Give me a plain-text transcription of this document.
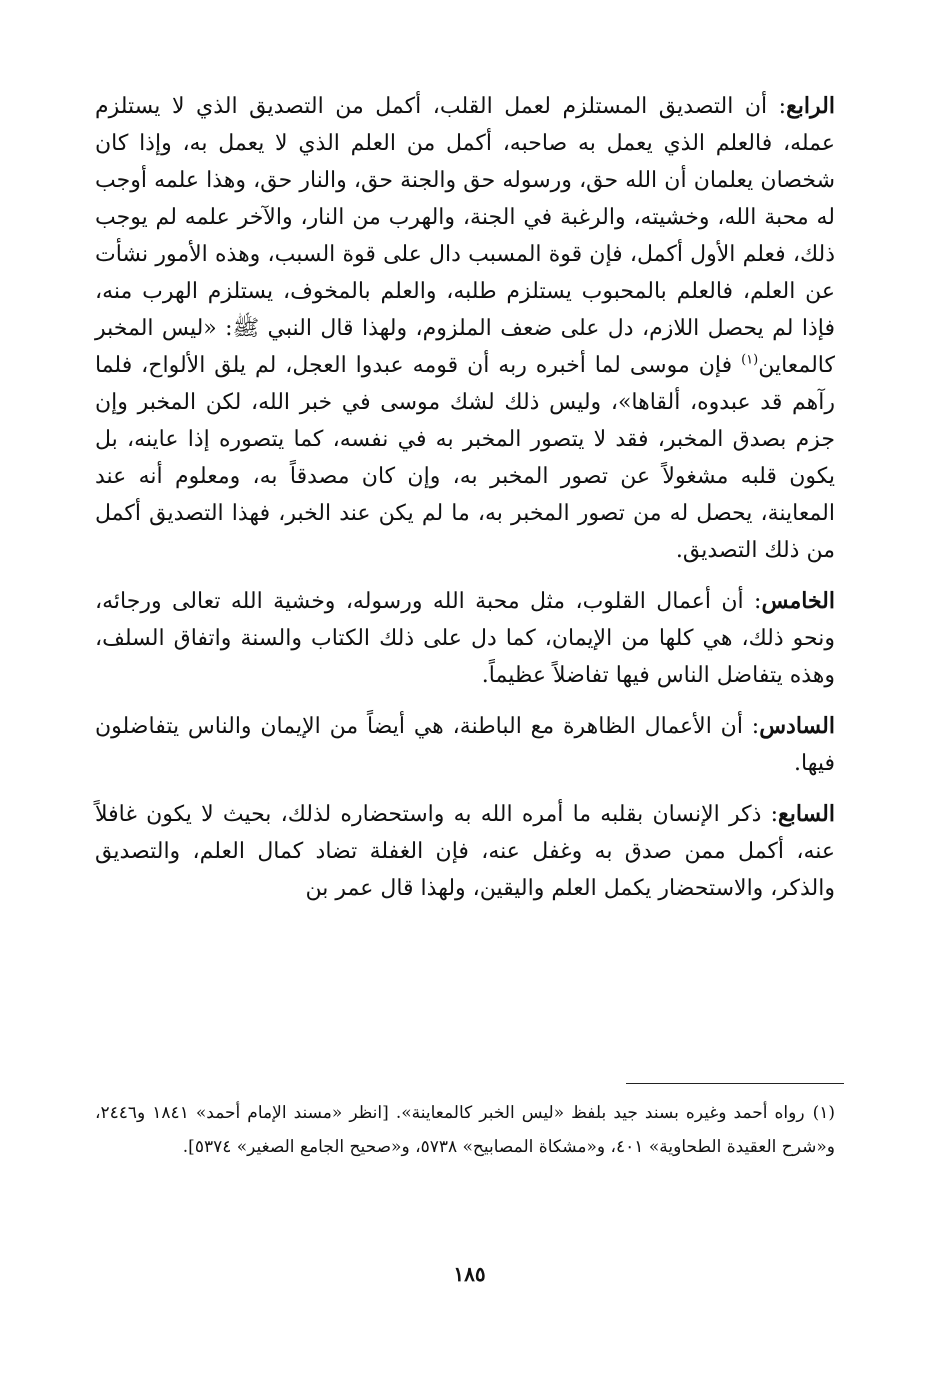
الرابع: أن التصديق المستلزم لعمل القلب، أكمل من التصديق الذي لا يستلزم عمله، فالعلم الذي يعمل به صاحبه، أكمل من العلم الذي لا يعمل به، وإذا كان شخصان يعلمان أن الله حق، ورسوله حق والجنة حق، والنار حق، وهذا علمه أوجب له محبة الله، وخشيته، والرغبة في الجنة، والهرب من النار، والآخر علمه لم يوجب ذلك، فعلم الأول أكمل، فإن قوة المسبب دال على قوة السبب، وهذه الأمور نشأت عن العلم، فالعلم بالمحبوب يستلزم طلبه، والعلم بالمخوف، يستلزم الهرب منه، فإذا لم يحصل اللازم، دل على ضعف الملزوم، ولهذا قال النبي ﷺ: «ليس المخبر كالمعاين$^{(١)}$ فإن موسى لما أخبره ربه أن قومه عبدوا العجل، لم يلق الألواح، فلما رآهم قد عبدوه، ألقاها»، وليس ذلك لشك موسى في خبر الله، لكن المخبر وإن جزم بصدق المخبر، فقد لا يتصور المخبر به في نفسه، كما يتصوره إذا عاينه، بل يكون قلبه مشغولاً عن تصور المخبر به، وإن كان مصدقاً به، ومعلوم أنه عند المعاينة، يحصل له من تصور المخبر به، ما لم يكن عند الخبر، فهذا التصديق أكمل من ذلك التصديق.

الخامس: أن أعمال القلوب، مثل محبة الله ورسوله، وخشية الله تعالى ورجائه، ونحو ذلك، هي كلها من الإيمان، كما دل على ذلك الكتاب والسنة واتفاق السلف، وهذه يتفاضل الناس فيها تفاضلاً عظيماً.

السادس: أن الأعمال الظاهرة مع الباطنة، هي أيضاً من الإيمان والناس يتفاضلون فيها.

السابع: ذكر الإنسان بقلبه ما أمره الله به واستحضاره لذلك، بحيث لا يكون غافلاً عنه، أكمل ممن صدق به وغفل عنه، فإن الغفلة تضاد كمال العلم، والتصديق والذكر، والاستحضار يكمل العلم واليقين، ولهذا قال عمر بن

(١)رواه أحمد وغيره بسند جيد بلفظ «ليس الخبر كالمعاينة». [انظر «مسند الإمام أحمد» ١٨٤١ و٢٤٤٦، و«شرح العقيدة الطحاوية» ٤٠١، و«مشكاة المصابيح» ٥٧٣٨، و«صحيح الجامع الصغير» ٥٣٧٤].
١٨٥
